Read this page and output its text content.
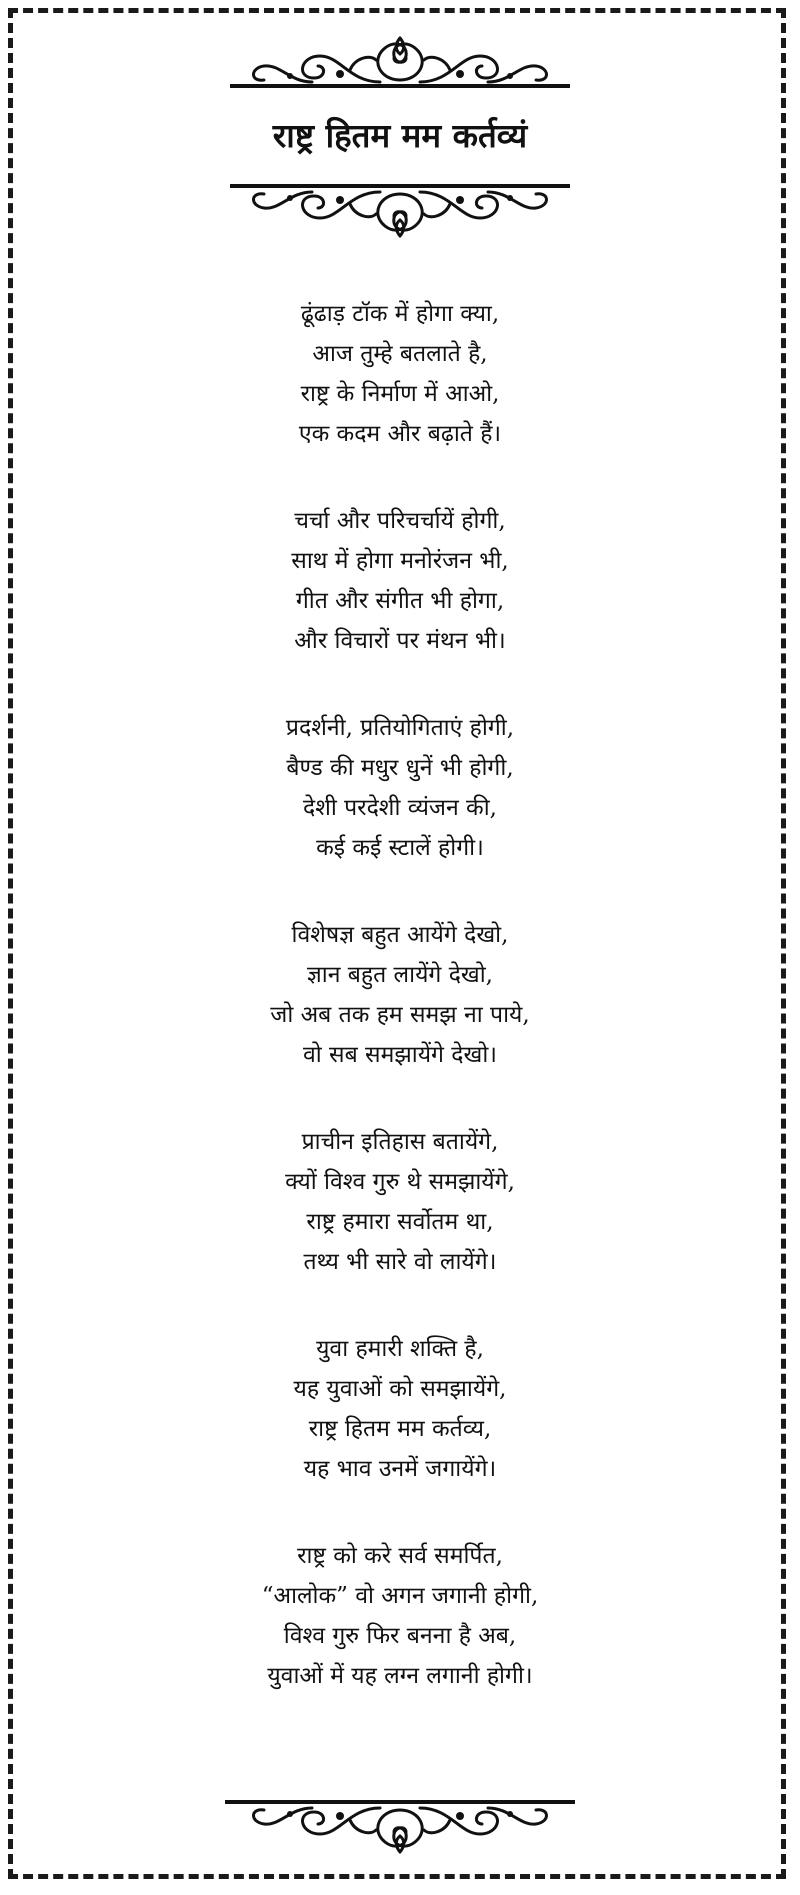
राष्ट्र हितम मम कर्तव्यं
ढूंढाड़ टॉक में होगा क्या,
आज तुम्हे बतलाते है,
राष्ट्र के निर्माण में आओ,
एक कदम और बढ़ाते हैं।
चर्चा और परिचर्चायें होगी,
साथ में होगा मनोरंजन भी,
गीत और संगीत भी होगा,
और विचारों पर मंथन भी।
प्रदर्शनी, प्रतियोगिताएं होगी,
बैण्ड की मधुर धुनें भी होगी,
देशी परदेशी व्यंजन की,
कई कई स्टालें होगी।
विशेषज्ञ बहुत आयेंगे देखो,
ज्ञान बहुत लायेंगे देखो,
जो अब तक हम समझ ना पाये,
वो सब समझायेंगे देखो।
प्राचीन इतिहास बतायेंगे,
क्यों विश्व गुरु थे समझायेंगे,
राष्ट्र हमारा सर्वोतम था,
तथ्य भी सारे वो लायेंगे।
युवा हमारी शक्ति है,
यह युवाओं को समझायेंगे,
राष्ट्र हितम मम कर्तव्य,
यह भाव उनमें जगायेंगे।
राष्ट्र को करे सर्व समर्पित,
“आलोक” वो अगन जगानी होगी,
विश्व गुरु फिर बनना है अब,
युवाओं में यह लग्न लगानी होगी।
